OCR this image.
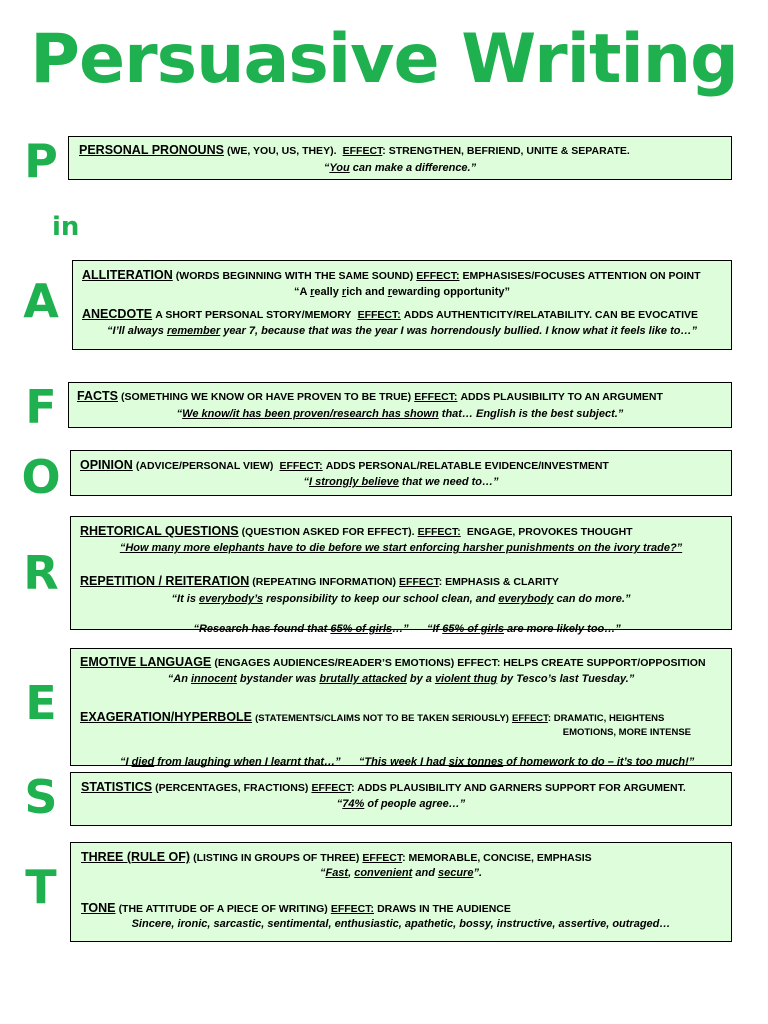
Persuasive Writing
P
in
A
F
O
R
E
S
T
PERSONAL PRONOUNS (WE, YOU, US, THEY). EFFECT: STRENGTHEN, BEFRIEND, UNITE & SEPARATE.
“You can make a difference.”
ALLITERATION (WORDS BEGINNING WITH THE SAME SOUND) EFFECT: EMPHASISES/FOCUSES ATTENTION ON POINT
“A really rich and rewarding opportunity”
ANECDOTE A SHORT PERSONAL STORY/MEMORY EFFECT: ADDS AUTHENTICITY/RELATABILITY. CAN BE EVOCATIVE
“I’ll always remember year 7, because that was the year I was horrendously bullied. I know what it feels like to…”
FACTS (SOMETHING WE KNOW OR HAVE PROVEN TO BE TRUE) EFFECT: ADDS PLAUSIBILITY TO AN ARGUMENT
“We know/it has been proven/research has shown that… English is the best subject.”
OPINION (ADVICE/PERSONAL VIEW) EFFECT: ADDS PERSONAL/RELATABLE EVIDENCE/INVESTMENT
“I strongly believe that we need to…”
RHETORICAL QUESTIONS (QUESTION ASKED FOR EFFECT). EFFECT: ENGAGE, PROVOKES THOUGHT
“How many more elephants have to die before we start enforcing harsher punishments on the ivory trade?”
REPETITION / REITERATION (REPEATING INFORMATION) EFFECT: EMPHASIS & CLARITY
“It is everybody’s responsibility to keep our school clean, and everybody can do more.”

“Research has found that 65% of girls…”      “If 65% of girls are more likely too…”

EMOTIVE LANGUAGE (ENGAGES AUDIENCES/READER’S EMOTIONS) EFFECT: HELPS CREATE SUPPORT/OPPOSITION
“An innocent bystander was brutally attacked by a violent thug by Tesco’s last Tuesday.”
EXAGERATION/HYPERBOLE (STATEMENTS/CLAIMS NOT TO BE TAKEN SERIOUSLY) EFFECT: DRAMATIC, HEIGHTENS
EMOTIONS, MORE INTENSE

“I died from laughing when I learnt that…”      “This week I had six tonnes of homework to do – it’s too much!”

STATISTICS (PERCENTAGES, FRACTIONS) EFFECT: ADDS PLAUSIBILITY AND GARNERS SUPPORT FOR ARGUMENT.
“74% of people agree…”
THREE (RULE OF) (LISTING IN GROUPS OF THREE) EFFECT: MEMORABLE, CONCISE, EMPHASIS
“Fast, convenient and secure”.
TONE (THE ATTITUDE OF A PIECE OF WRITING) EFFECT: DRAWS IN THE AUDIENCE
Sincere, ironic, sarcastic, sentimental, enthusiastic, apathetic, bossy, instructive, assertive, outraged…
